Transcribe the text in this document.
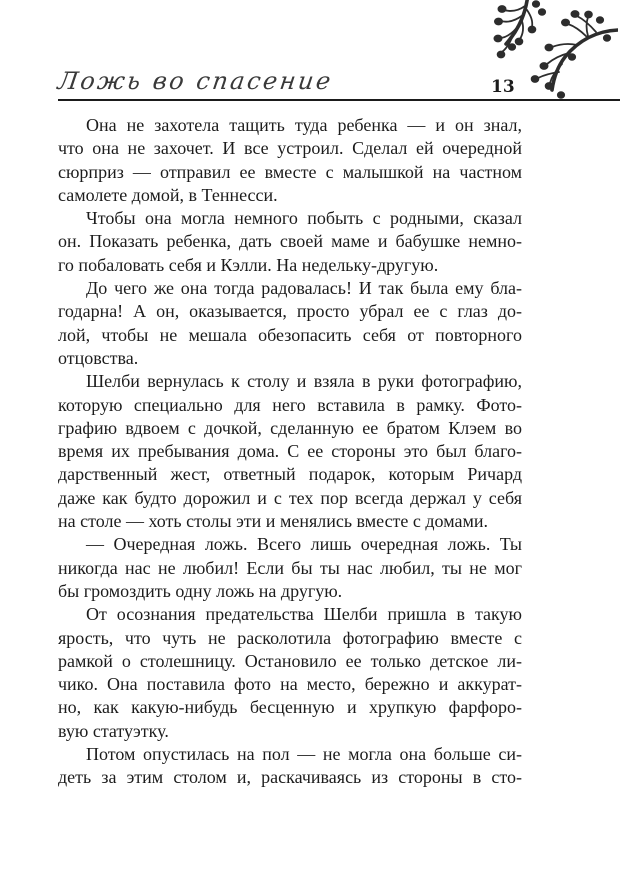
Ложь во спасение	13
Она не захотела тащить туда ребенка — и он знал,
что она не захочет. И все устроил. Сделал ей очередной
сюрприз — отправил ее вместе с малышкой на частном
самолете домой, в Теннесси.
Чтобы она могла немного побыть с родными, сказал
он. Показать ребенка, дать своей маме и бабушке немно-
го побаловать себя и Кэлли. На недельку-другую.
До чего же она тогда радовалась! И так была ему бла-
годарна! А он, оказывается, просто убрал ее с глаз до-
лой, чтобы не мешала обезопасить себя от повторного
отцовства.
Шелби вернулась к столу и взяла в руки фотографию,
которую специально для него вставила в рамку. Фото-
графию вдвоем с дочкой, сделанную ее братом Клэем во
время их пребывания дома. С ее стороны это был благо-
дарственный жест, ответный подарок, которым Ричард
даже как будто дорожил и с тех пор всегда держал у себя
на столе — хоть столы эти и менялись вместе с домами.
— Очередная ложь. Всего лишь очередная ложь. Ты
никогда нас не любил! Если бы ты нас любил, ты не мог
бы громоздить одну ложь на другую.
От осознания предательства Шелби пришла в такую
ярость, что чуть не расколотила фотографию вместе с
рамкой о столешницу. Остановило ее только детское ли-
чико. Она поставила фото на место, бережно и аккурат-
но, как какую-нибудь бесценную и хрупкую фарфоро-
вую статуэтку.
Потом опустилась на пол — не могла она больше си-
деть за этим столом и, раскачиваясь из стороны в сто-
